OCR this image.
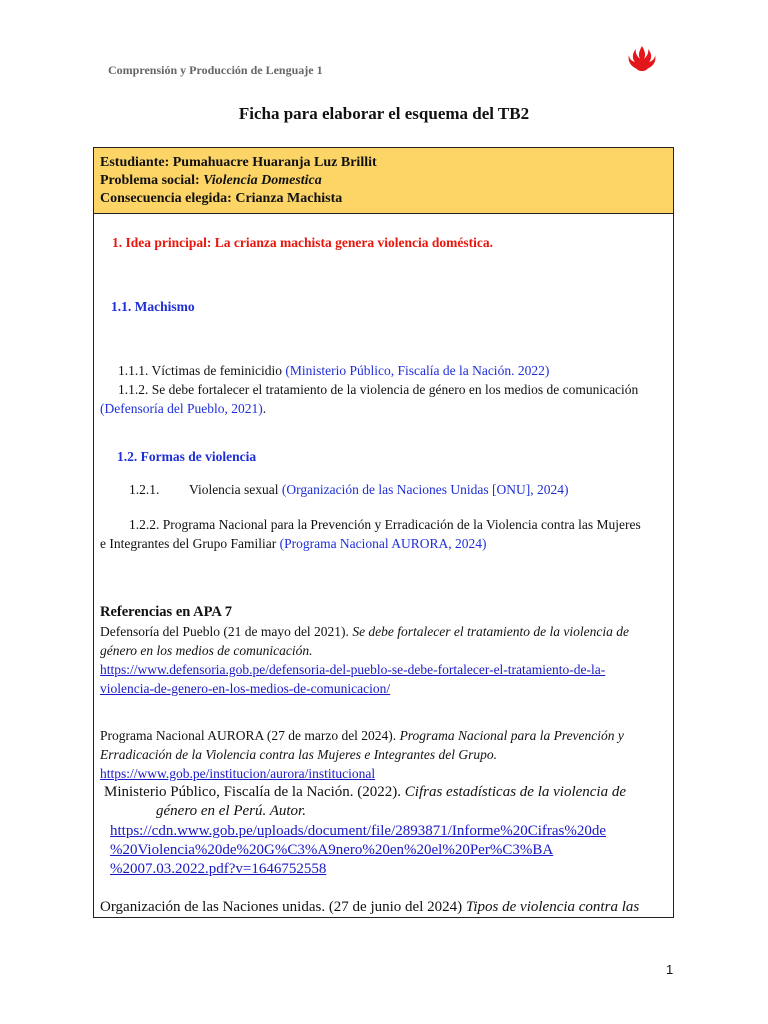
Comprensión y Producción de Lenguaje 1
Ficha para elaborar el esquema del TB2
Estudiante: Pumahuacre Huaranja Luz Brillit
Problema social: Violencia Domestica
Consecuencia elegida: Crianza Machista
1. Idea principal: La crianza machista genera violencia doméstica.
1.1. Machismo
1.1.1. Víctimas de feminicidio (Ministerio Público, Fiscalía de la Nación. 2022)
1.1.2. Se debe fortalecer el tratamiento de la violencia de género en los medios de comunicación
(Defensoría del Pueblo, 2021).
1.2. Formas de violencia
1.2.1. Violencia sexual (Organización de las Naciones Unidas [ONU], 2024)
1.2.2. Programa Nacional para la Prevención y Erradicación de la Violencia contra las Mujeres
e Integrantes del Grupo Familiar (Programa Nacional AURORA, 2024)
Referencias en APA 7
Defensoría del Pueblo (21 de mayo del 2021). Se debe fortalecer el tratamiento de la violencia de
género en los medios de comunicación.
https://www.defensoria.gob.pe/defensoria-del-pueblo-se-debe-fortalecer-el-tratamiento-de-la-
violencia-de-genero-en-los-medios-de-comunicacion/
Programa Nacional AURORA (27 de marzo del 2024). Programa Nacional para la Prevención y
Erradicación de la Violencia contra las Mujeres e Integrantes del Grupo.
https://www.gob.pe/institucion/aurora/institucional
Ministerio Público, Fiscalía de la Nación. (2022). Cifras estadísticas de la violencia de
género en el Perú. Autor.
https://cdn.www.gob.pe/uploads/document/file/2893871/Informe%20Cifras%20de
%20Violencia%20de%20G%C3%A9nero%20en%20el%20Per%C3%BA
%2007.03.2022.pdf?v=1646752558
Organización de las Naciones unidas. (27 de junio del 2024) Tipos de violencia contra las
1
